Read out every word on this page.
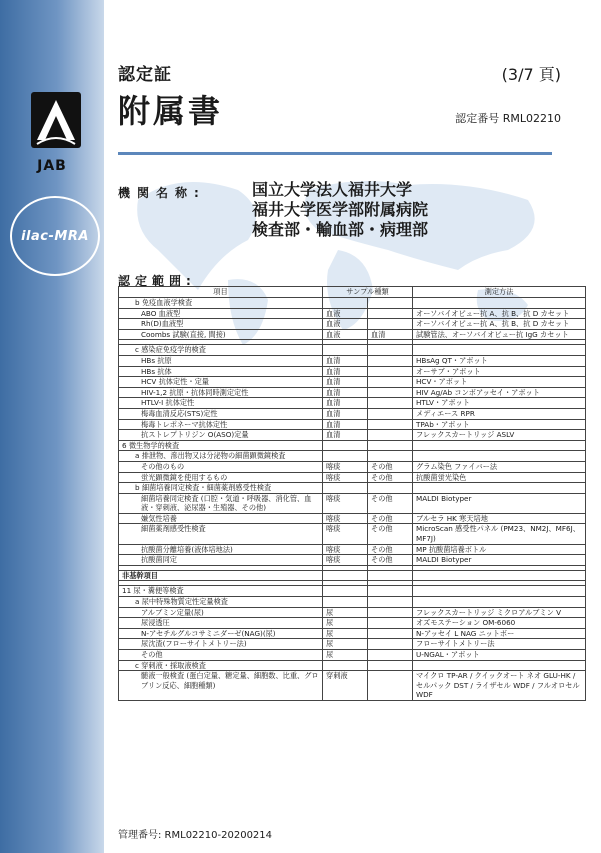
JAB
ilac-MRA
認定証
附属書
(3/7 頁)
認定番号 RML02210
機関名称:	国立大学法人福井大学
福井大学医学部附属病院
検査部・輸血部・病理部
認定範囲:
項目	サンプル種類		測定方法
b 免疫血液学検査			
ABO 血液型	血液		オーソバイオビュー抗 A、抗 B、抗 D カセット
Rh(D)血液型	血液		オーソバイオビュー抗 A、抗 B、抗 D カセット
Coombs 試験(直接, 間接)	血液	血清	試験管法、オーソバイオビュー抗 IgG カセット

c 感染症免疫学的検査			
HBs 抗原	血清		HBsAg QT・アボット
HBs 抗体	血清		オーサブ・アボット
HCV 抗体定性・定量	血清		HCV・アボット
HIV-1,2 抗原・抗体同時測定定性	血清		HIV Ag/Ab コンボアッセイ・アボット
HTLV-I 抗体定性	血清		HTLV・アボット
梅毒血清反応(STS)定性	血清		メディエース RPR
梅毒トレポネーマ抗体定性	血清		TPAb・アボット
抗ストレプトリジン O(ASO)定量	血清		フレックスカートリッジ ASLV
6 微生物学的検査			
a 排泄物、滲出物又は分泌物の細菌顕微鏡検査			
その他のもの	喀痰	その他	グラム染色 ファイバー法
蛍光顕微鏡を使用するもの	喀痰	その他	抗酸菌蛍光染色
b 細菌培養同定検査・細菌薬剤感受性検査			
細菌培養同定検査 (口腔・気道・呼吸器、消化管、血液・穿刺液、泌尿器・生殖器、その他)	喀痰	その他	MALDI Biotyper
嫌気性培養	喀痰	その他	ブルセラ HK 寒天培地
細菌薬剤感受性検査	喀痰	その他	MicroScan 感受性パネル (PM23、NM2J、MF6J、MF7J)
抗酸菌分離培養(液体培地法)	喀痰	その他	MP 抗酸菌培養ボトル
抗酸菌同定	喀痰	その他	MALDI Biotyper

非基幹項目			

11 尿・糞便等検査			
a 尿中特殊物質定性定量検査			
アルブミン定量(尿)	尿		フレックスカートリッジ ミクロアルブミン V
尿浸透圧	尿		オズモステーション OM-6060
N-アセチルグルコサミニダーゼ(NAG)(尿)	尿		N-アッセイ L NAG ニットボー
尿沈渣(フローサイトメトリー法)	尿		フローサイトメトリー法
その他	尿		U-NGAL・アボット
c 穿刺液・採取液検査			
髄液一般検査 (蛋白定量、糖定量、細胞数、比重、グロブリン反応、細胞種類)	穿刺液		マイクロ TP-AR / クイックオート ネオ GLU-HK / セルパック DST / ライザセル WDF / フルオロセル WDF
管理番号: RML02210-20200214
